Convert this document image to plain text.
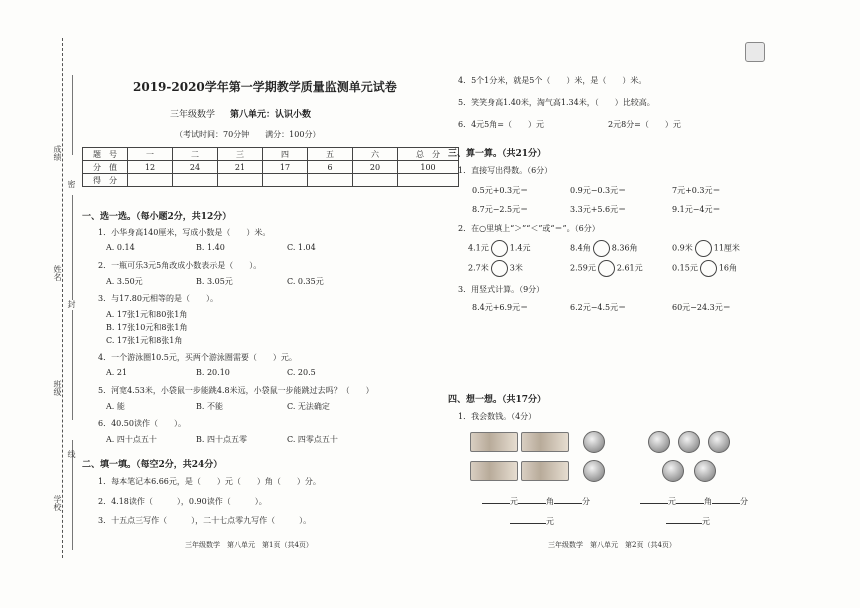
成绩
姓名
班级
学校
密
封
线
2019-2020学年第一学期教学质量监测单元试卷
三年级数学 第八单元：认识小数
（考试时间：70分钟　　满分：100分）
题　号	一	二	三	四	五	六	总　分
分　值	12	24	21	17	6	20	100
得　分							
一、选一选。（每小题2分，共12分）
1．小华身高140厘米，写成小数是（　　）米。
A. 0.14	B. 1.40	C. 1.04
2．一瓶可乐3元5角改成小数表示是（　　）。
A. 3.50元	B. 3.05元	C. 0.35元
3．与17.80元相等的是（　　）。
A. 17张1元和80张1角
B. 17张10元和8张1角
C. 17张1元和8张1角
4．一个游泳圈10.5元，买两个游泳圈需要（　　）元。
A. 21	B. 20.10	C. 20.5
5．河宽4.53米，小袋鼠一步能跳4.8米远，小袋鼠一步能跳过去吗？（　　）
A. 能	B. 不能	C. 无法确定
6．40.50读作（　　）。
A. 四十点五十	B. 四十点五零	C. 四零点五十
二、填一填。（每空2分，共24分）
1．每本笔记本6.66元，是（　　）元（　　）角（　　）分。
2．4.18读作（　　　），0.90读作（　　　）。
3．十五点三写作（　　　），二十七点零九写作（　　　）。
三年级数学　第八单元　第1页（共4页）
4．5个1分米，就是5个（　　）米，是（　　）米。
5．笑笑身高1.40米，淘气高1.34米，（　　）比较高。
6．4元5角=（　　）元	2元8分=（　　）元
三、算一算。（共21分）
1．直接写出得数。（6分）
0.5元+0.3元＝	0.9元−0.3元＝	7元+0.3元＝
8.7元−2.5元＝	3.3元+5.6元＝	9.1元−4元＝
2．在○里填上“＞”“＜”或“＝”。（6分）
4.1元	1.4元	8.4角	8.36角	0.9米	11厘米
2.7米	3米	2.59元	2.61元	0.15元	16角
3．用竖式计算。（9分）
8.4元+6.9元＝	6.2元−4.5元＝	60元−24.3元＝
四、想一想。（共17分）
1．我会数钱。（4分）
元	角	分	元	角	分
元	元
三年级数学　第八单元　第2页（共4页）
